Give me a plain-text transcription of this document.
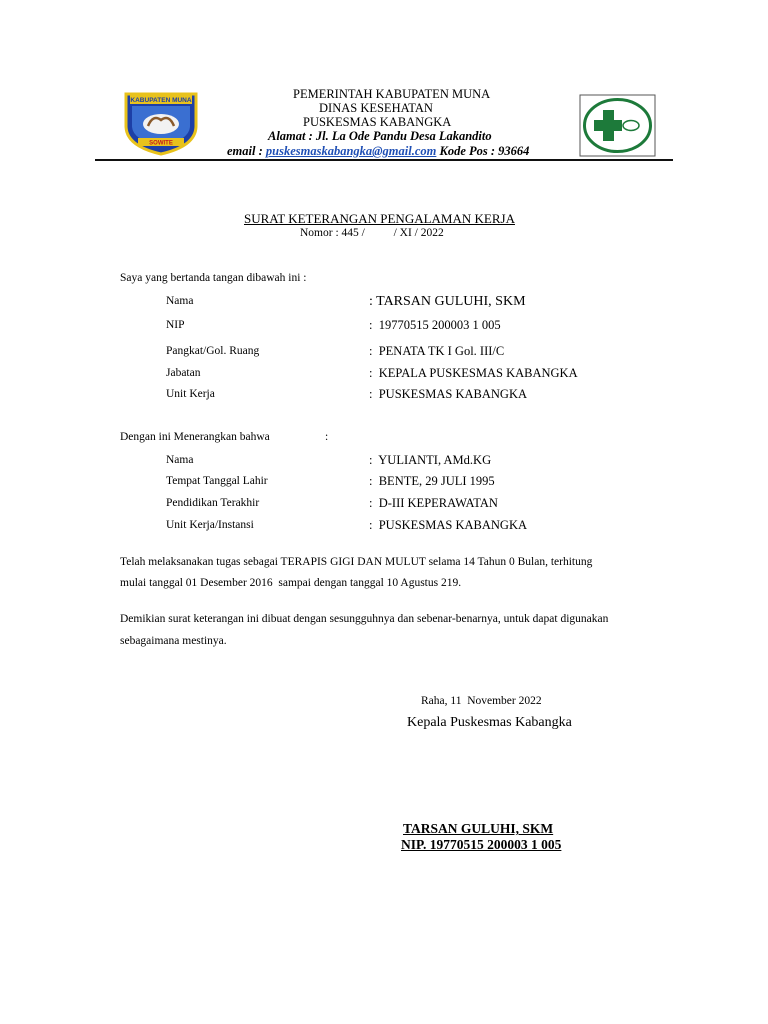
KABUPATEN MUNA
SOWITE
PEMERINTAH KABUPATEN MUNA
DINAS KESEHATAN
PUSKESMAS KABANGKA
Alamat : Jl. La Ode Pandu Desa Lakandito
email : puskesmaskabangka@gmail.com Kode Pos : 93664
SURAT KETERANGAN PENGALAMAN KERJA
Nomor : 445 /          / XI / 2022
Saya yang bertanda tangan dibawah ini :
Nama	: TARSAN GULUHI, SKM
NIP	:  19770515 200003 1 005
Pangkat/Gol. Ruang	:  PENATA TK I Gol. III/C
Jabatan	:  KEPALA PUSKESMAS KABANGKA
Unit Kerja	:  PUSKESMAS KABANGKA
Dengan ini Menerangkan bahwa	:
Nama	:  YULIANTI, AMd.KG
Tempat Tanggal Lahir	:  BENTE, 29 JULI 1995
Pendidikan Terakhir	:  D-III KEPERAWATAN
Unit Kerja/Instansi	:  PUSKESMAS KABANGKA
Telah melaksanakan tugas sebagai TERAPIS GIGI DAN MULUT selama 14 Tahun 0 Bulan, terhitung
mulai tanggal 01 Desember 2016  sampai dengan tanggal 10 Agustus 219.
Demikian surat keterangan ini dibuat dengan sesungguhnya dan sebenar-benarnya, untuk dapat digunakan
sebagaimana mestinya.
Raha, 11  November 2022
Kepala Puskesmas Kabangka
TARSAN GULUHI, SKM
NIP. 19770515 200003 1 005
